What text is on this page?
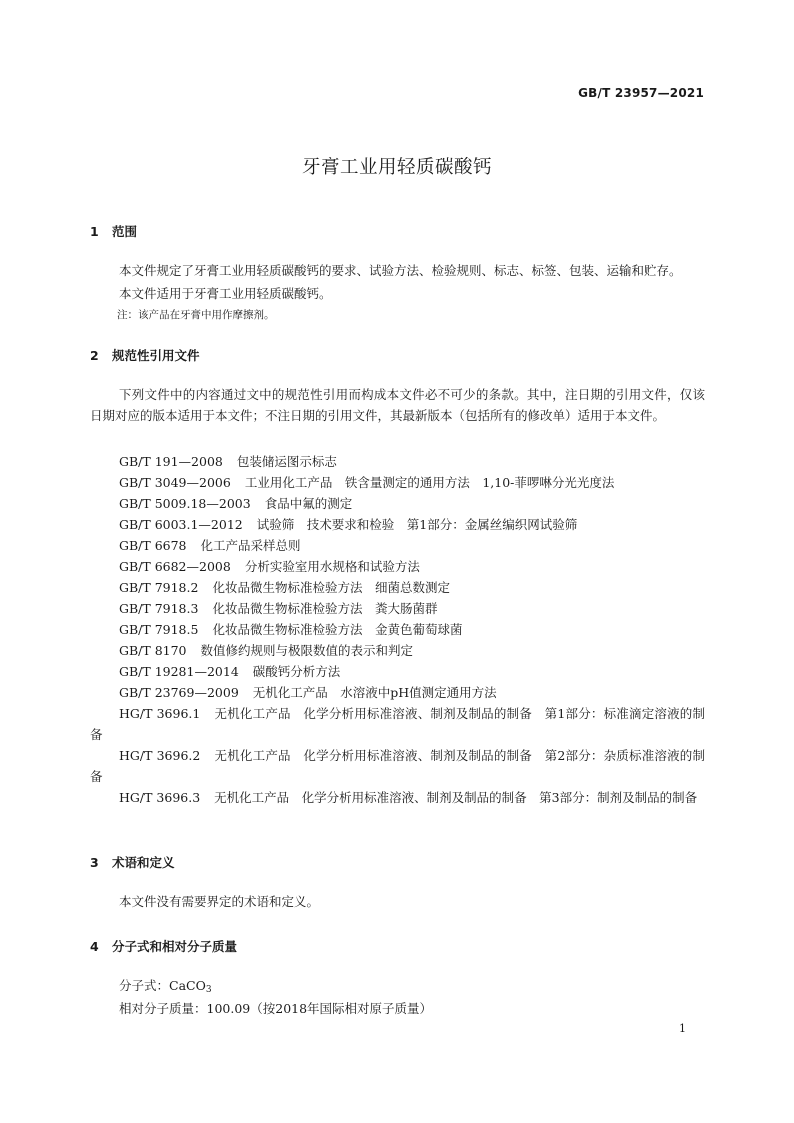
GB/T 23957—2021
牙膏工业用轻质碳酸钙
1 范围
本文件规定了牙膏工业用轻质碳酸钙的要求、试验方法、检验规则、标志、标签、包装、运输和贮存。
本文件适用于牙膏工业用轻质碳酸钙。
注：该产品在牙膏中用作摩擦剂。
2 规范性引用文件
下列文件中的内容通过文中的规范性引用而构成本文件必不可少的条款。其中，注日期的引用文件，仅该日期对应的版本适用于本文件；不注日期的引用文件，其最新版本（包括所有的修改单）适用于本文件。
GB/T 191—2008 包装储运图示标志
GB/T 3049—2006 工业用化工产品　铁含量测定的通用方法　1,10-菲啰啉分光光度法
GB/T 5009.18—2003 食品中氟的测定
GB/T 6003.1—2012 试验筛　技术要求和检验　第1部分：金属丝编织网试验筛
GB/T 6678 化工产品采样总则
GB/T 6682—2008 分析实验室用水规格和试验方法
GB/T 7918.2 化妆品微生物标准检验方法　细菌总数测定
GB/T 7918.3 化妆品微生物标准检验方法　粪大肠菌群
GB/T 7918.5 化妆品微生物标准检验方法　金黄色葡萄球菌
GB/T 8170 数值修约规则与极限数值的表示和判定
GB/T 19281—2014 碳酸钙分析方法
GB/T 23769—2009 无机化工产品　水溶液中pH值测定通用方法
HG/T 3696.1 无机化工产品　化学分析用标准溶液、制剂及制品的制备　第1部分：标准滴定溶液的制备
HG/T 3696.2 无机化工产品　化学分析用标准溶液、制剂及制品的制备　第2部分：杂质标准溶液的制备
HG/T 3696.3 无机化工产品　化学分析用标准溶液、制剂及制品的制备　第3部分：制剂及制品的制备
3 术语和定义
本文件没有需要界定的术语和定义。
4 分子式和相对分子质量
分子式：CaCO$_3$
相对分子质量：100.09（按2018年国际相对原子质量）
1
